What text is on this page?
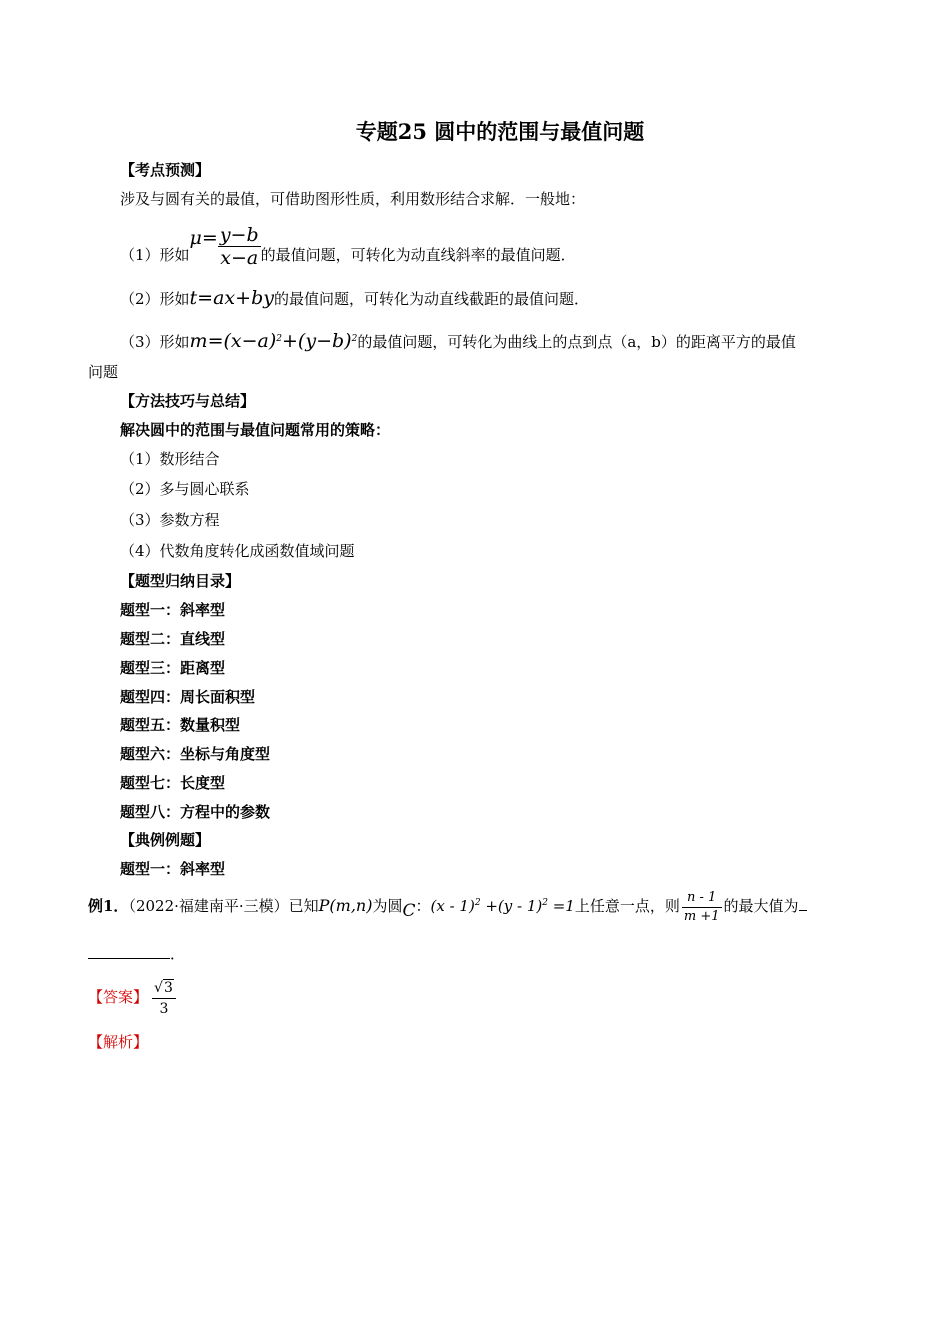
专题25 圆中的范围与最值问题
【考点预测】
涉及与圆有关的最值，可借助图形性质，利用数形结合求解．一般地：
（1）形如$\mu= \frac{y-b}{x-a}$ 的最值问题，可转化为动直线斜率的最值问题．
（2）形如t=ax+by的最值问题，可转化为动直线截距的最值问题．
（3）形如$m=(x-a)^2+(y-b)^2$的最值问题，可转化为曲线上的点到点（a，b）的距离平方的最值
问题
【方法技巧与总结】
解决圆中的范围与最值问题常用的策略：
（1）数形结合
（2）多与圆心联系
（3）参数方程
（4）代数角度转化成函数值域问题
【题型归纳目录】
题型一：斜率型
题型二：直线型
题型三：距离型
题型四：周长面积型
题型五：数量积型
题型六：坐标与角度型
题型七：长度型
题型八：方程中的参数
【典例例题】
题型一：斜率型
例1．（2022·福建南平·三模）已知P(m,n)为圆C：(x - 1)$^2$ +(y - 1)$^2$ =1上任意一点，则 $\frac{n - 1}{m +1}$ 的最大值为
．
【答案】 $\frac{√3}{3}$
【解析】
